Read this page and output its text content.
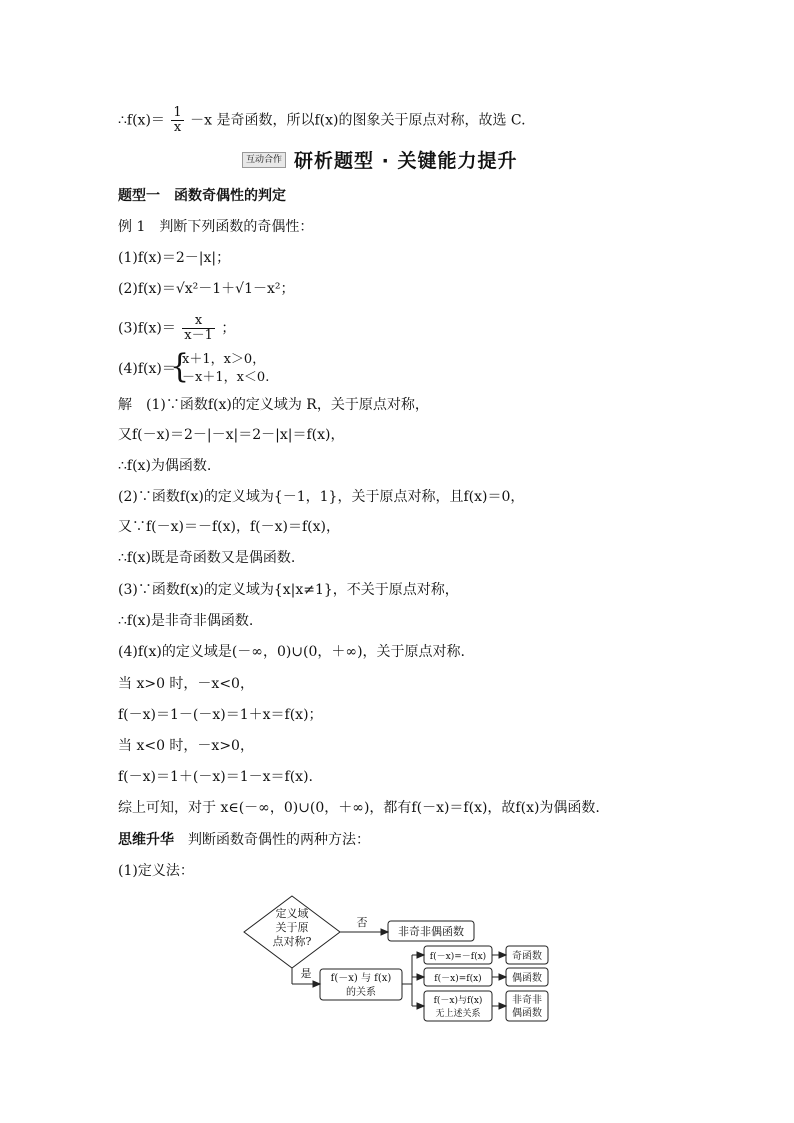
∴f(x)＝ $\frac{1}{x} -x$ 是奇函数，所以f(x)的图象关于原点对称，故选 C.
互动合作 研析题型 · 关键能力提升
题型一　函数奇偶性的判定
例 1　判断下列函数的奇偶性：
(1)f(x)＝2－|x|；
(2)f(x)＝√x²－1＋√1－x²；
$(3)f(x)= \frac{x}{x-1}$ ；
(4)f(x)＝
{
x＋1，x＞0，
－x＋1，x＜0.
解　(1)∵函数f(x)的定义域为 R，关于原点对称，
又f(－x)＝2－|－x|＝2－|x|＝f(x)，
∴f(x)为偶函数.
(2)∵函数f(x)的定义域为{－1，1}，关于原点对称，且f(x)＝0，
又∵f(－x)＝－f(x)，f(－x)＝f(x)，
∴f(x)既是奇函数又是偶函数.
(3)∵函数f(x)的定义域为{x|x≠1}，不关于原点对称，
∴f(x)是非奇非偶函数.
(4)f(x)的定义域是(－∞，0)∪(0，＋∞)，关于原点对称.
当 x>0 时，－x<0，
f(－x)＝1－(－x)＝1＋x＝f(x)；
当 x<0 时，－x>0，
f(－x)＝1＋(－x)＝1－x＝f(x).
综上可知，对于 x∈(－∞，0)∪(0，＋∞)，都有f(－x)＝f(x)，故f(x)为偶函数.
思维升华　判断函数奇偶性的两种方法：
(1)定义法：
定义域
关于原
点对称?
否
非奇非偶函数
是 f(－x) 与 f(x)
的关系
f(－x)=－f(x)
f(－x)=f(x)
f(－x)与f(x)
无上述关系
奇函数
偶函数
非奇非
偶函数
